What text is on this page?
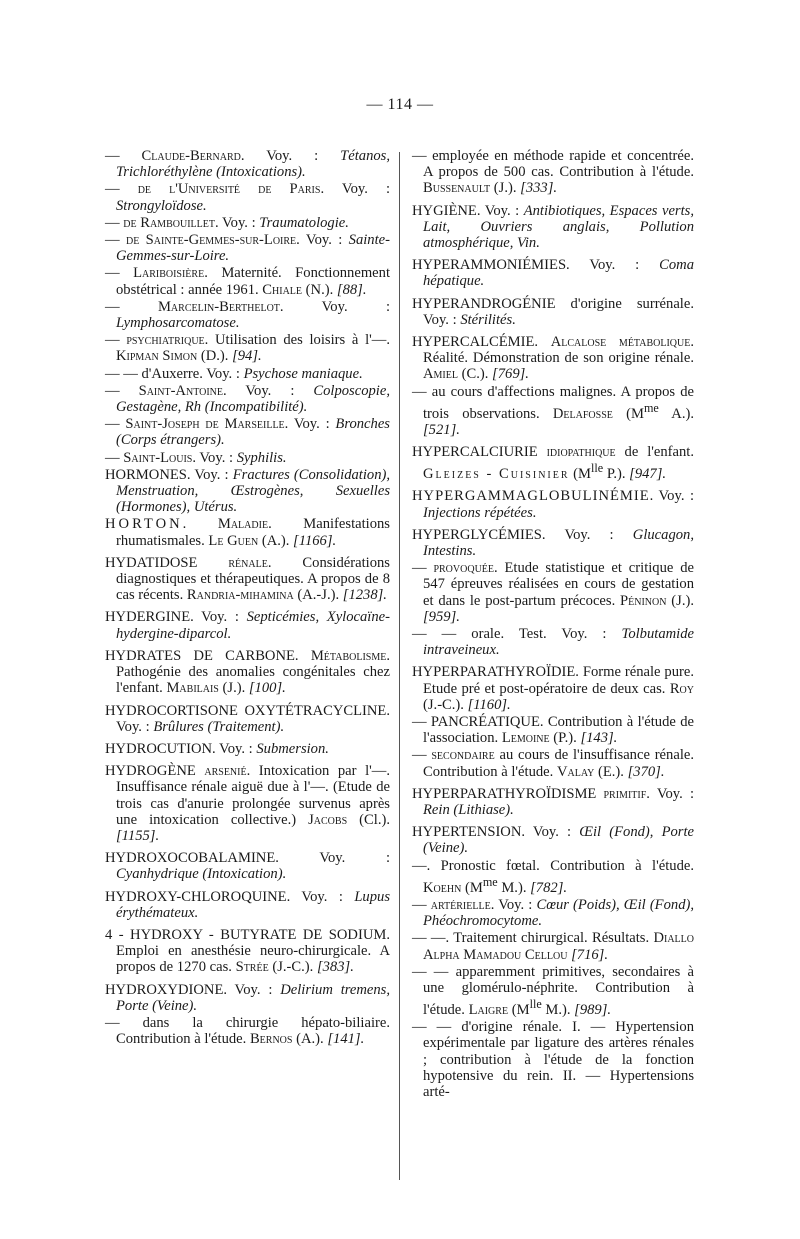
— 114 —

— Claude-Bernard. Voy. : Tétanos, Trichloréthylène (Intoxications).

— de l'Université de Paris. Voy. : Strongyloïdose.

— de Rambouillet. Voy. : Traumatologie.

— de Sainte-Gemmes-sur-Loire. Voy. : Sainte-Gemmes-sur-Loire.

— Lariboisière. Maternité. Fonctionnement obstétrical : année 1961. Chiale (N.). [88].

— Marcelin-Berthelot. Voy. : Lymphosarcomatose.

— psychiatrique. Utilisation des loisirs à l'—. Kipman Simon (D.). [94].

— — d'Auxerre. Voy. : Psychose maniaque.

— Saint-Antoine. Voy. : Colposcopie, Gestagène, Rh (Incompatibilité).

— Saint-Joseph de Marseille. Voy. : Bronches (Corps étrangers).

— Saint-Louis. Voy. : Syphilis.

HORMONES. Voy. : Fractures (Consolidation), Menstruation, Œstrogènes, Sexuelles (Hormones), Utérus.

HORTON. Maladie. Manifestations rhumatismales. Le Guen (A.). [1166].

HYDATIDOSE rénale. Considérations diagnostiques et thérapeutiques. A propos de 8 cas récents. Randria-mihamina (A.-J.). [1238].

HYDERGINE. Voy. : Septicémies, Xylocaïne-hydergine-diparcol.

HYDRATES DE CARBONE. Métabolisme. Pathogénie des anomalies congénitales chez l'enfant. Mabilais (J.). [100].

HYDROCORTISONE OXYTÉTRACYCLINE. Voy. : Brûlures (Traitement).

HYDROCUTION. Voy. : Submersion.

HYDROGÈNE arsenié. Intoxication par l'—. Insuffisance rénale aiguë due à l'—. (Etude de trois cas d'anurie prolongée survenus après une intoxication collective.) Jacobs (Cl.). [1155].

HYDROXOCOBALAMINE. Voy. : Cyanhydrique (Intoxication).

HYDROXY-CHLOROQUINE. Voy. : Lupus érythémateux.

4 - HYDROXY - BUTYRATE DE SODIUM. Emploi en anesthésie neuro-chirurgicale. A propos de 1270 cas. Strée (J.-C.). [383].

HYDROXYDIONE. Voy. : Delirium tremens, Porte (Veine).

— dans la chirurgie hépato-biliaire. Contribution à l'étude. Bernos (A.). [141].

— employée en méthode rapide et concentrée. A propos de 500 cas. Contribution à l'étude. Bussenault (J.). [333].

HYGIÈNE. Voy. : Antibiotiques, Espaces verts, Lait, Ouvriers anglais, Pollution atmosphérique, Vin.

HYPERAMMONIÉMIES. Voy. : Coma hépatique.

HYPERANDROGÉNIE d'origine surrénale. Voy. : Stérilités.

HYPERCALCÉMIE. Alcalose métabolique. Réalité. Démonstration de son origine rénale. Amiel (C.). [769].

— au cours d'affections malignes. A propos de trois observations. Delafosse ($M^{me}$ A.). [521].

HYPERCALCIURIE idiopathique de l'enfant. Gleizes - Cuisinier ($M^{lle}$ P.). [947].

HYPERGAMMAGLOBULINÉMIE. Voy. : Injections répétées.

HYPERGLYCÉMIES. Voy. : Glucagon, Intestins.

— provoquée. Etude statistique et critique de 547 épreuves réalisées en cours de gestation et dans le post-partum précoces. Péninon (J.). [959].

— — orale. Test. Voy. : Tolbutamide intraveineux.

HYPERPARATHYROÏDIE. Forme rénale pure. Etude pré et post-opératoire de deux cas. Roy (J.-C.). [1160].

— PANCRÉATIQUE. Contribution à l'étude de l'association. Lemoine (P.). [143].

— secondaire au cours de l'insuffisance rénale. Contribution à l'étude. Valay (E.). [370].

HYPERPARATHYROÏDISME primitif. Voy. : Rein (Lithiase).

HYPERTENSION. Voy. : Œil (Fond), Porte (Veine).

—. Pronostic fœtal. Contribution à l'étude. Koehn ($M^{me}$ M.). [782].

— artérielle. Voy. : Cœur (Poids), Œil (Fond), Phéochromocytome.

— —. Traitement chirurgical. Résultats. Diallo Alpha Mamadou Cellou [716].

— — apparemment primitives, secondaires à une glomérulo-néphrite. Contribution à l'étude. Laigre ($M^{lle}$ M.). [989].

— — d'origine rénale. I. — Hypertension expérimentale par ligature des artères rénales ; contribution à l'étude de la fonction hypotensive du rein. II. — Hypertensions arté-
